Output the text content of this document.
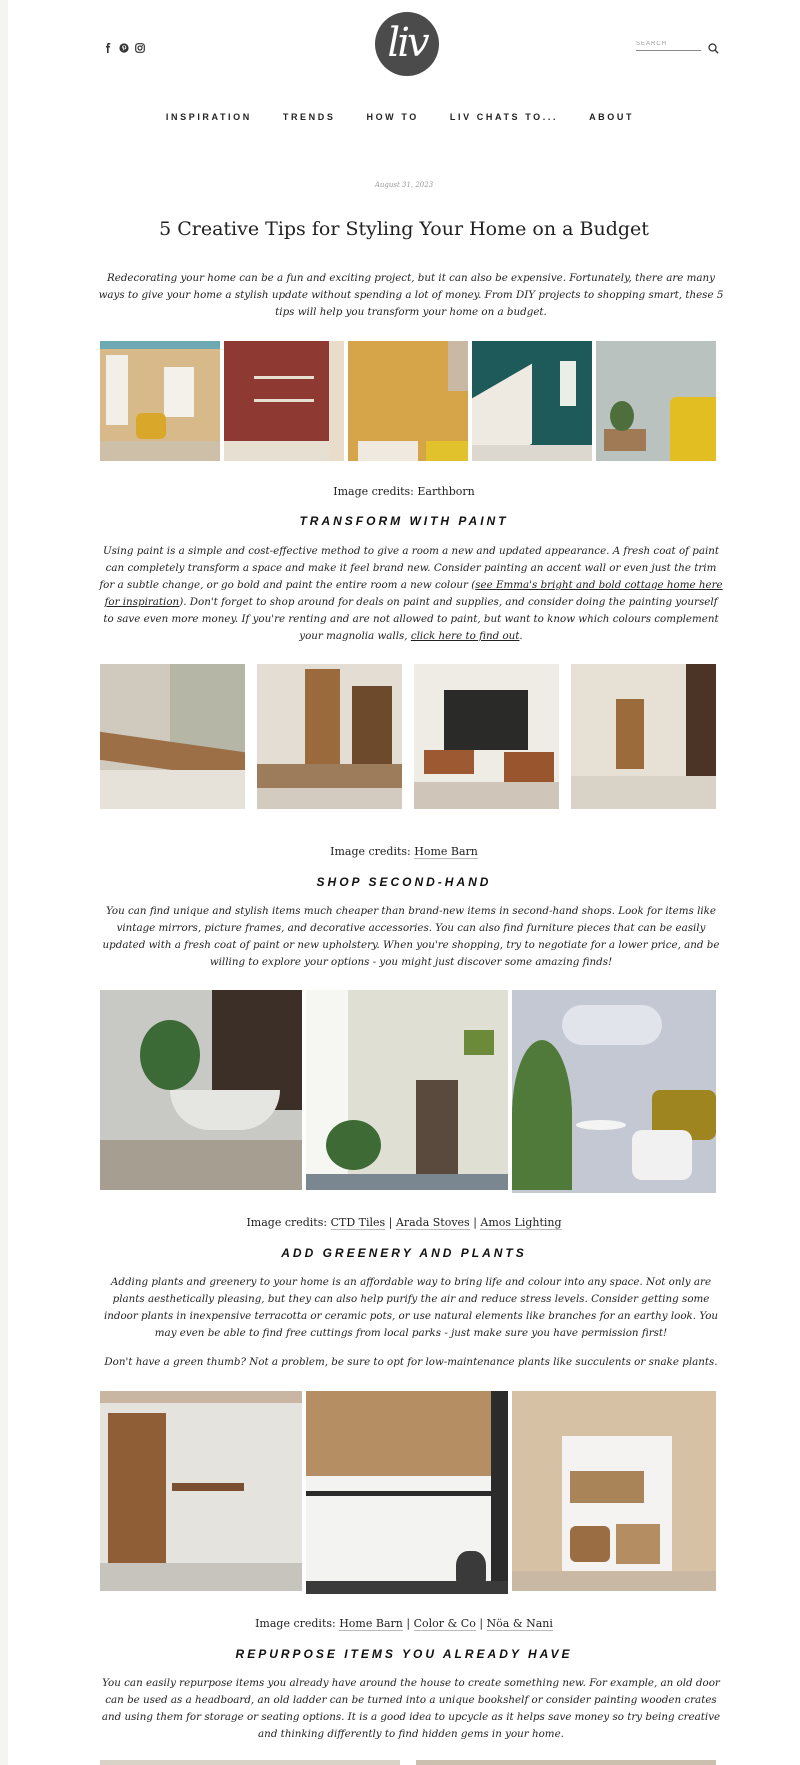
liv
SEARCH
INSPIRATION	TRENDS	HOW TO	LIV CHATS TO...	ABOUT
August 31, 2023
5 Creative Tips for Styling Your Home on a Budget

Redecorating your home can be a fun and exciting project, but it can also be expensive. Fortunately, there are many ways to give your home a stylish update without spending a lot of money. From DIY projects to shopping smart, these 5 tips will help you transform your home on a budget.

Image credits: Earthborn

TRANSFORM WITH PAINT

Using paint is a simple and cost-effective method to give a room a new and updated appearance. A fresh coat of paint can completely transform a space and make it feel brand new. Consider painting an accent wall or even just the trim for a subtle change, or go bold and paint the entire room a new colour (see Emma's bright and bold cottage home here for inspiration). Don't forget to shop around for deals on paint and supplies, and consider doing the painting yourself to save even more money. If you're renting and are not allowed to paint, but want to know which colours complement your magnolia walls, click here to find out.

Image credits: Home Barn

SHOP SECOND-HAND

You can find unique and stylish items much cheaper than brand-new items in second-hand shops. Look for items like vintage mirrors, picture frames, and decorative accessories. You can also find furniture pieces that can be easily updated with a fresh coat of paint or new upholstery. When you're shopping, try to negotiate for a lower price, and be willing to explore your options - you might just discover some amazing finds!

Image credits: CTD Tiles | Arada Stoves | Amos Lighting

ADD GREENERY AND PLANTS

Adding plants and greenery to your home is an affordable way to bring life and colour into any space. Not only are plants aesthetically pleasing, but they can also help purify the air and reduce stress levels. Consider getting some indoor plants in inexpensive terracotta or ceramic pots, or use natural elements like branches for an earthy look. You may even be able to find free cuttings from local parks - just make sure you have permission first!

Don't have a green thumb? Not a problem, be sure to opt for low-maintenance plants like succulents or snake plants.

Image credits: Home Barn | Color & Co | Nöa & Nani

REPURPOSE ITEMS YOU ALREADY HAVE

You can easily repurpose items you already have around the house to create something new. For example, an old door can be used as a headboard, an old ladder can be turned into a unique bookshelf or consider painting wooden crates and using them for storage or seating options. It is a good idea to upcycle as it helps save money so try being creative and thinking differently to find hidden gems in your home.
